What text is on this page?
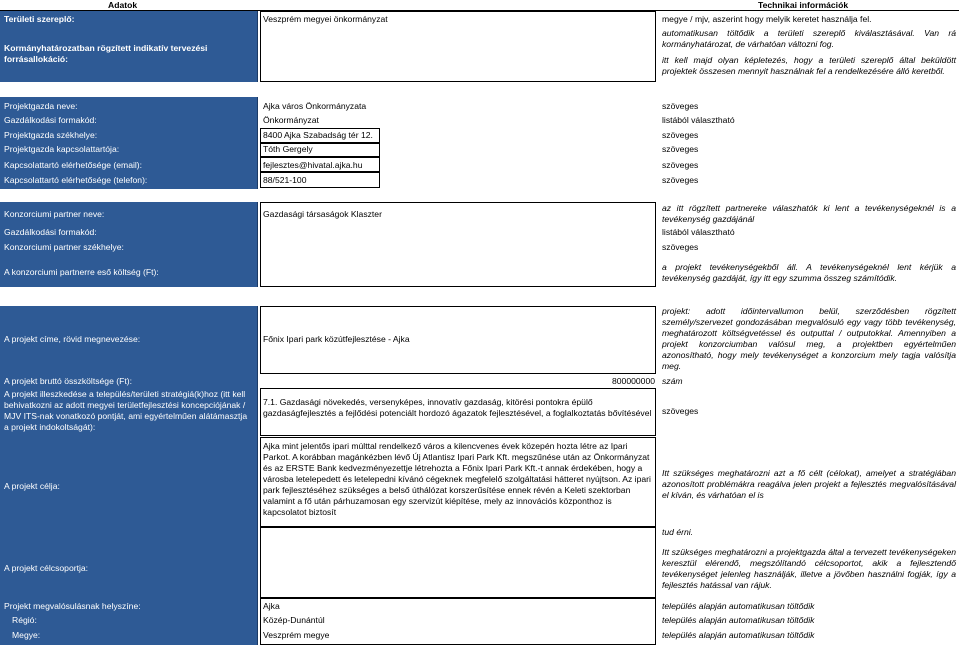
Adatok	Technikai információk
Területi szereplő:
Kormányhatározatban rögzített indikatív tervezési forrásallokáció:
Veszprém megyei önkormányzat	megye / mjv, aszerint hogy melyik keretet használja fel.
automatikusan töltődik a területi szereplő kiválasztásával. Van rá kormányhatározat, de várhatóan változni fog.
itt kell majd olyan képletezés, hogy a területi szereplő által beküldött projektek összesen mennyit használnak fel a rendelkezésére álló keretből.
Projektgazda neve:
Gazdálkodási formakód:
Projektgazda székhelye:
Projektgazda kapcsolattartója:
Kapcsolattartó elérhetősége (email):
Kapcsolattartó elérhetősége (telefon):
Ajka város Önkormányzata
Önkormányzat
8400 Ajka Szabadság tér 12.
Tóth Gergely
fejlesztes@hivatal.ajka.hu
88/521-100
szöveges
listából választható
szöveges
szöveges
szöveges
szöveges
Konzorciumi partner neve:
Gazdálkodási formakód:
Konzorciumi partner székhelye:
A konzorciumi partnerre eső költség (Ft):
Gazdasági társaságok Klaszter
az itt rögzített partnereke válaszhatók ki lent a tevékenységeknél is a tevékenység gazdájánál
listából választható
szöveges
a projekt tevékenységekből áll. A tevékenységeknél lent kérjük a tevékenység gazdáját, így itt egy szumma összeg számítódik.
A projekt címe, rövid megnevezése:
A projekt bruttó összköltsége (Ft):
A projekt illeszkedése a település/területi stratégiá(k)hoz (itt kell behivatkozni az adott megyei területfejlesztési koncepciójának / MJV ITS-nak vonatkozó pontját, ami egyértelműen alátámasztja a projekt indokoltságát):
A projekt célja:
A projekt célcsoportja:
Projekt megvalósulásnak helyszíne:
Régió:
Megye:
Főnix Ipari park közútfejlesztése - Ajka
800000000
7.1. Gazdasági növekedés, versenyképes, innovatív gazdaság, kitörési pontokra épülő gazdaságfejlesztés a fejlődési potenciált hordozó ágazatok fejlesztésével, a foglalkoztatás bővítésével
Ajka mint jelentős ipari múlttal rendelkező város a kilencvenes évek közepén hozta létre az Ipari Parkot. A korábban magánkézben lévő Új Atlantisz Ipari Park Kft. megszűnése után az Önkormányzat és az ERSTE Bank kedvezményezettje létrehozta a Főnix Ipari Park Kft.-t annak érdekében, hogy a városba letelepedett és letelepedni kívánó cégeknek megfelelő szolgáltatási hátteret nyújtson. Az ipari park fejlesztéséhez szükséges a belső úthálózat korszerűsítése ennek révén a Keleti szektorban valamint a fő után párhuzamosan egy szervizút kiépítése, mely az innovációs központhoz is kapcsolatot biztosít
Ajka
Közép-Dunántúl
Veszprém megye
projekt: adott időintervallumon belül, szerződésben rögzített személy/szervezet gondozásában megvalósuló egy vagy több tevékenység, meghatározott költségvetéssel és outputtal / outputokkal. Amennyiben a projekt konzorciumban valósul meg, a projektben egyértelműen azonosítható, hogy mely tevékenységet a konzorcium mely tagja valósítja meg.
szám
szöveges
Itt szükséges meghatározni azt a fő célt (célokat), amelyet a stratégiában azonosított problémákra reagálva jelen projekt a fejlesztés megvalósításával el kíván, és várhatóan el is
tud érni.
Itt szükséges meghatározni a projektgazda által a tervezett tevékenységeken keresztül elérendő, megszólítandó célcsoportot, akik a fejlesztendő tevékenységet jelenleg használják, illetve a jövőben használni fogják, így a fejlesztés hatással van rájuk.
település alapján automatikusan töltődik
település alapján automatikusan töltődik
település alapján automatikusan töltődik
